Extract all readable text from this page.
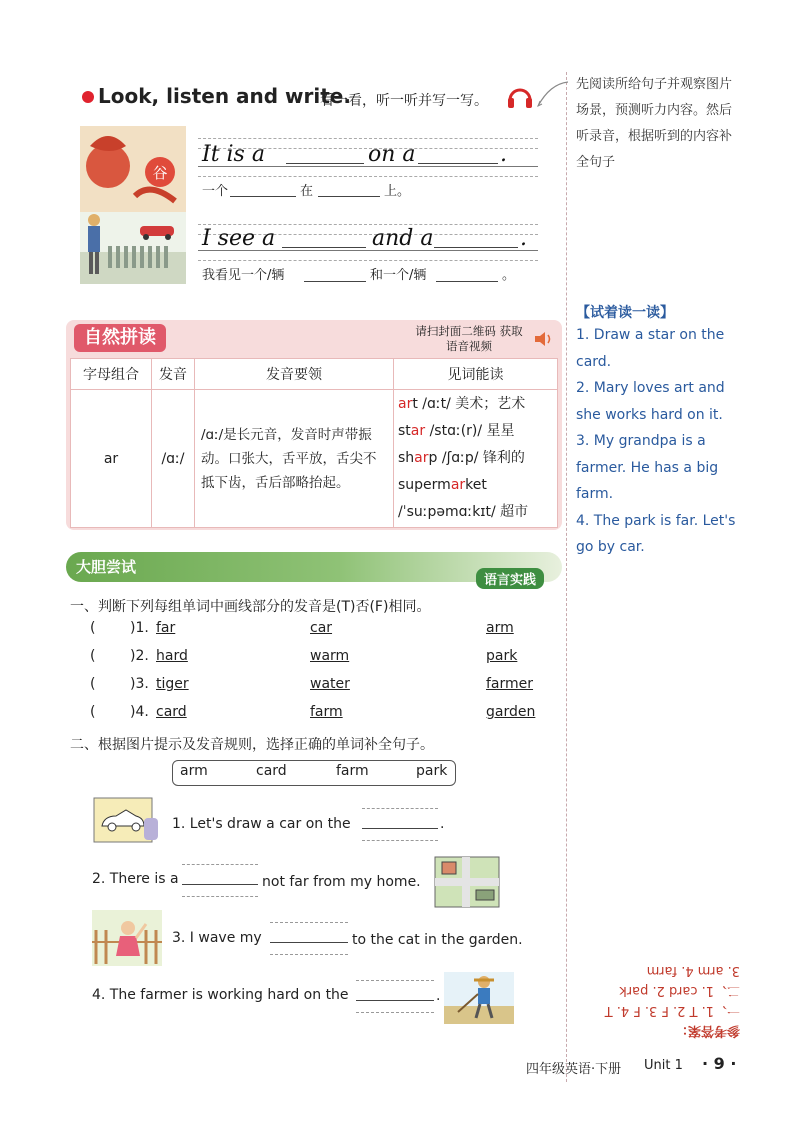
Look, listen and write.
看一看，听一听并写一写。
谷
It is a	on a	.
一个	在	上。
I see a	and a	.
我看见一个/辆	和一个/辆	。
先阅读所给句子并观察图片场景，预测听力内容。然后听录音，根据听到的内容补全句子
【试着读一读】
1. Draw a star on the card.
2. Mary loves art and she works hard on it.
3. My grandpa is a farmer. He has a big farm.
4. The park is far. Let's go by car.
自然拼读	请扫封面二维码 获取语音视频
字母组合	发音	发音要领	见词能读
ar	/ɑː/	/ɑː/是长元音，发音时声带振动。口张大，舌平放，舌尖不抵下齿，舌后部略抬起。	art /ɑːt/ 美术；艺术
star /stɑː(r)/ 星星
sharp /ʃɑːp/ 锋利的
supermarket
/ˈsuːpəmɑːkɪt/ 超市
大胆尝试
语言实践
一、判断下列每组单词中画线部分的发音是(T)否(F)相同。
( )1. far	car	arm
( )2. hard	warm	park
( )3. tiger	water	farmer
( )4. card	farm	garden
二、根据图片提示及发音规则，选择正确的单词补全句子。
arm	card	farm	park
1. Let's draw a car on the	.
2. There is a	not far from my home.
3. I wave my	to the cat in the garden.
4. The farmer is working hard on the	.
参考答案：
一、1. T 2. F 3. F 4. T
二、1. card 2. park
3. arm 4. farm
四年级英语·下册 Unit 1 · 9 ·
